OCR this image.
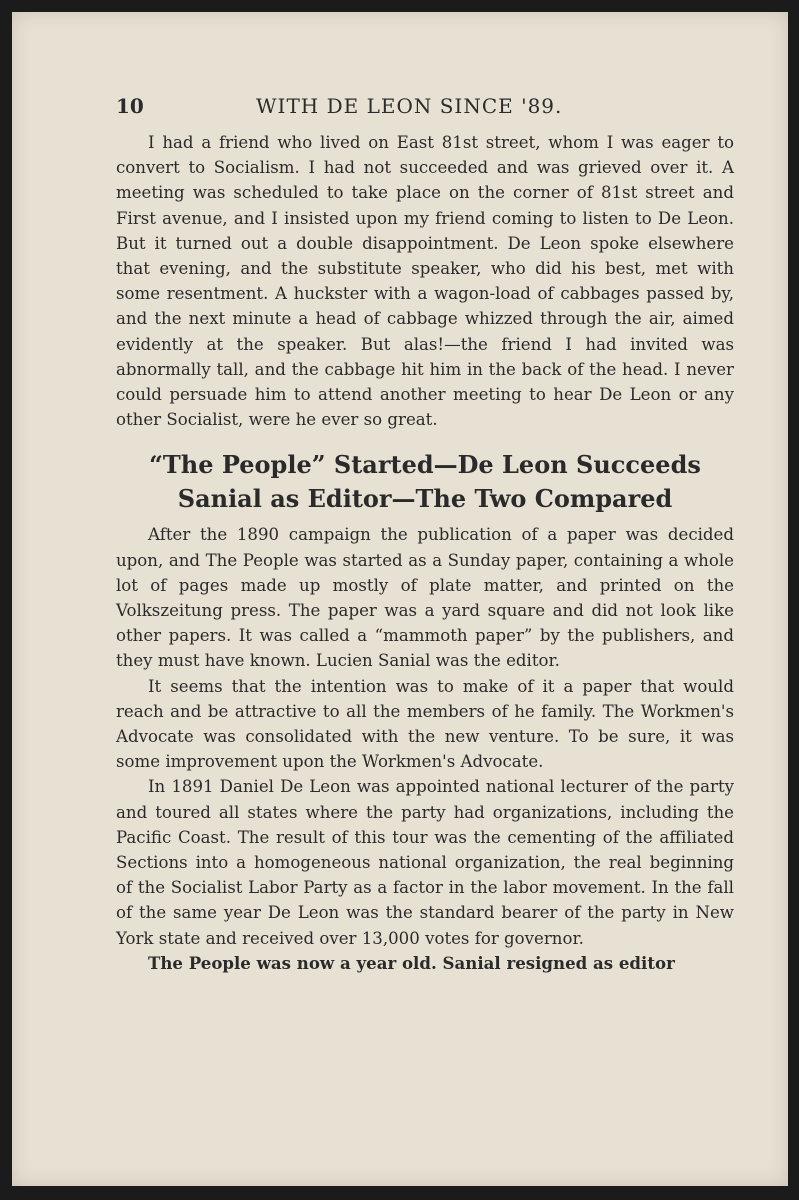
10	WITH DE LEON SINCE '89.

I had a friend who lived on East 81st street, whom I was eager to convert to Socialism. I had not succeeded and was grieved over it. A meeting was scheduled to take place on the corner of 81st street and First avenue, and I insisted upon my friend coming to listen to De Leon. But it turned out a double disappointment. De Leon spoke elsewhere that evening, and the substitute speaker, who did his best, met with some resentment. A huckster with a wagon-load of cabbages passed by, and the next minute a head of cabbage whizzed through the air, aimed evidently at the speaker. But alas!—the friend I had invited was abnormally tall, and the cabbage hit him in the back of the head. I never could persuade him to attend another meeting to hear De Leon or any other Socialist, were he ever so great.

“The People” Started—De Leon Succeeds
Sanial as Editor—The Two Compared

After the 1890 campaign the publication of a paper was decided upon, and The People was started as a Sunday paper, containing a whole lot of pages made up mostly of plate matter, and printed on the Volkszeitung press. The paper was a yard square and did not look like other papers. It was called a “mammoth paper” by the publishers, and they must have known. Lucien Sanial was the editor.

It seems that the intention was to make of it a paper that would reach and be attractive to all the members of he family. The Workmen's Advocate was consolidated with the new venture. To be sure, it was some improvement upon the Workmen's Advocate.

In 1891 Daniel De Leon was appointed national lecturer of the party and toured all states where the party had organizations, including the Pacific Coast. The result of this tour was the cementing of the affiliated Sections into a homogeneous national organization, the real beginning of the Socialist Labor Party as a factor in the labor movement. In the fall of the same year De Leon was the standard bearer of the party in New York state and received over 13,000 votes for governor.

The People was now a year old. Sanial resigned as editor
